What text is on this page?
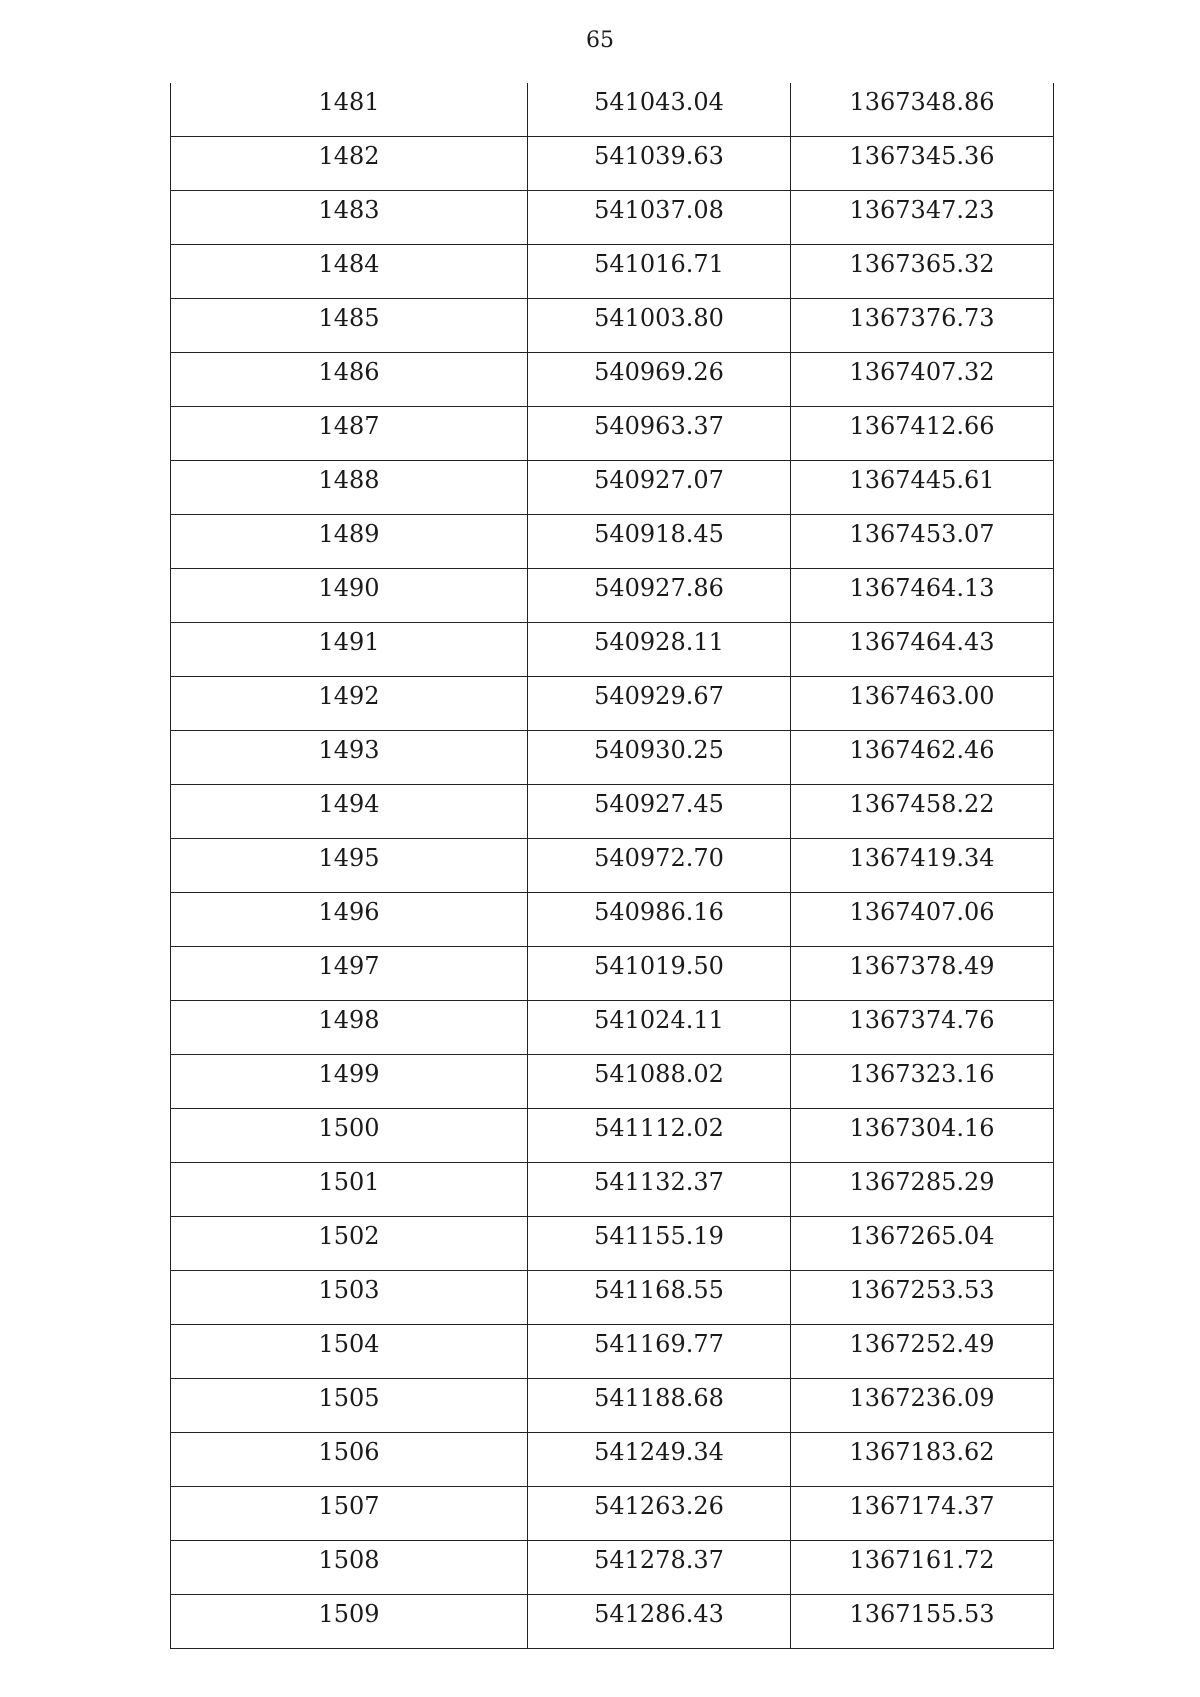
65
1481	541043.04	1367348.86
1482	541039.63	1367345.36
1483	541037.08	1367347.23
1484	541016.71	1367365.32
1485	541003.80	1367376.73
1486	540969.26	1367407.32
1487	540963.37	1367412.66
1488	540927.07	1367445.61
1489	540918.45	1367453.07
1490	540927.86	1367464.13
1491	540928.11	1367464.43
1492	540929.67	1367463.00
1493	540930.25	1367462.46
1494	540927.45	1367458.22
1495	540972.70	1367419.34
1496	540986.16	1367407.06
1497	541019.50	1367378.49
1498	541024.11	1367374.76
1499	541088.02	1367323.16
1500	541112.02	1367304.16
1501	541132.37	1367285.29
1502	541155.19	1367265.04
1503	541168.55	1367253.53
1504	541169.77	1367252.49
1505	541188.68	1367236.09
1506	541249.34	1367183.62
1507	541263.26	1367174.37
1508	541278.37	1367161.72
1509	541286.43	1367155.53
